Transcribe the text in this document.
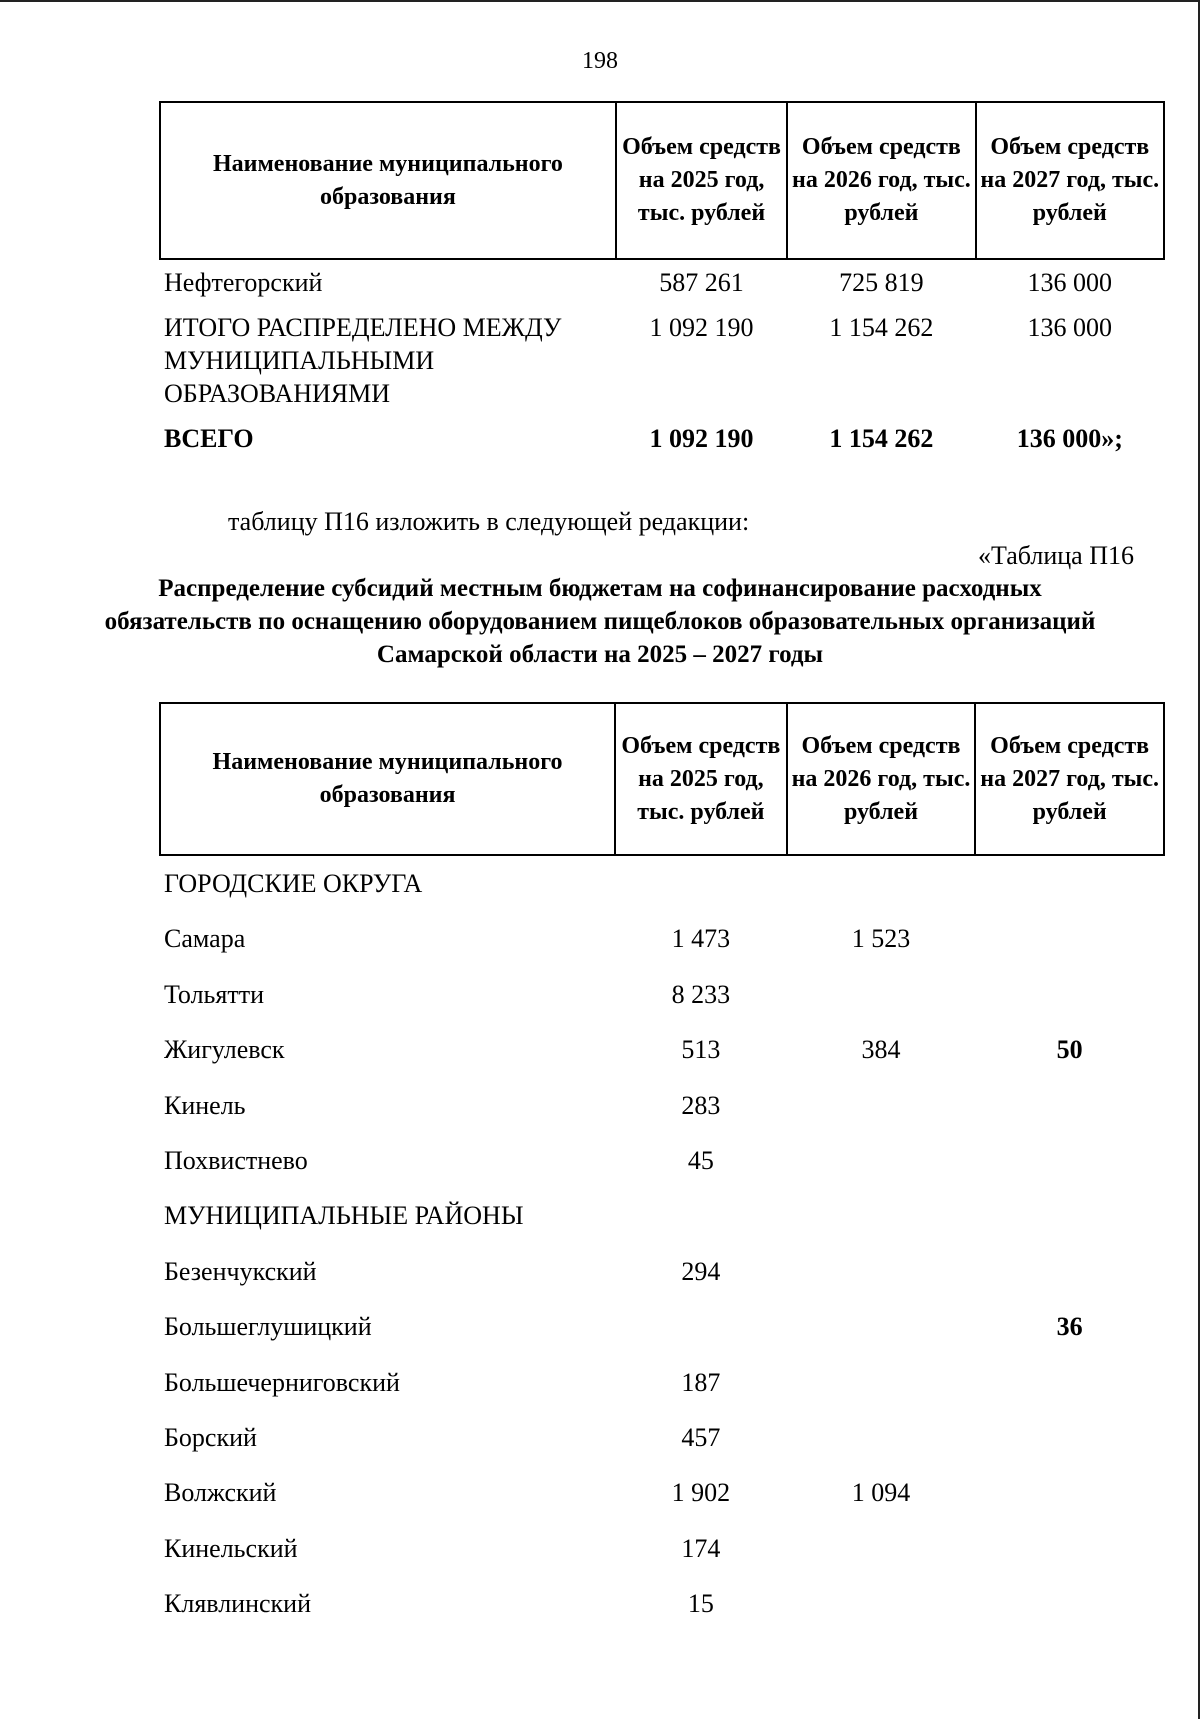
198
Наименование муниципального образования	Объем средств на 2025 год, тыс. рублей	Объем средств на 2026 год, тыс. рублей	Объем средств на 2027 год, тыс. рублей
Нефтегорский	587 261	725 819	136 000
ИТОГО РАСПРЕДЕЛЕНО МЕЖДУ МУНИЦИПАЛЬНЫМИ ОБРАЗОВАНИЯМИ	1 092 190	1 154 262	136 000
ВСЕГО	1 092 190	1 154 262	136 000»;
таблицу П16 изложить в следующей редакции:
«Таблица П16
Распределение субсидий местным бюджетам на софинансирование расходных обязательств по оснащению оборудованием пищеблоков образовательных организаций Самарской области на 2025 – 2027 годы
Наименование муниципального образования	Объем средств на 2025 год, тыс. рублей	Объем средств на 2026 год, тыс. рублей	Объем средств на 2027 год, тыс. рублей
ГОРОДСКИЕ ОКРУГА			
Самара	1 473	1 523	
Тольятти	8 233		
Жигулевск	513	384	50
Кинель	283		
Похвистнево	45		
МУНИЦИПАЛЬНЫЕ РАЙОНЫ			
Безенчукский	294		
Большеглушицкий			36
Большечерниговский	187		
Борский	457		
Волжский	1 902	1 094	
Кинельский	174		
Клявлинский	15		
